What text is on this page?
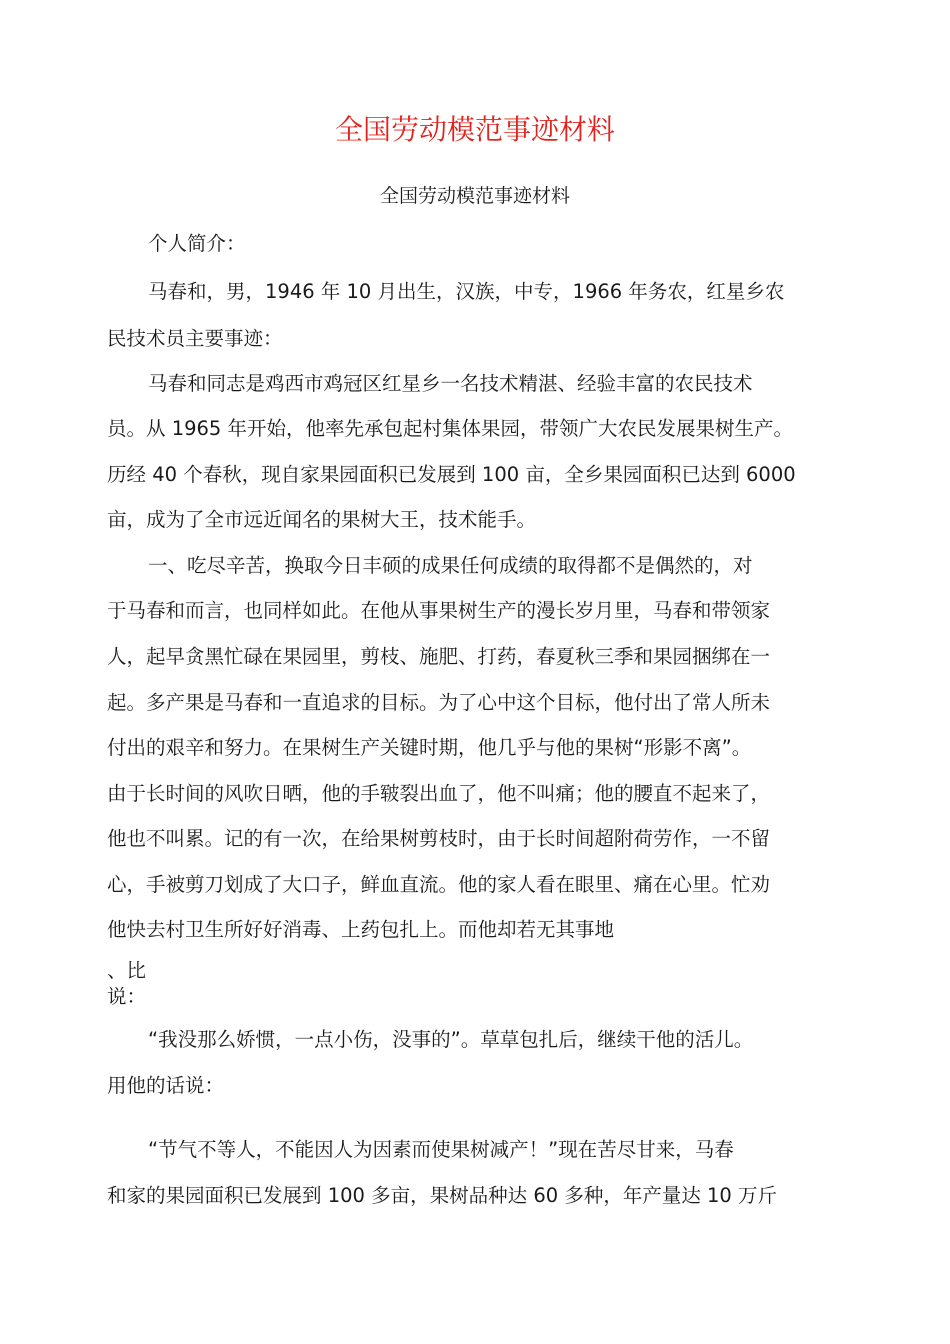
全国劳动模范事迹材料
全国劳动模范事迹材料
个人简介：
马春和，男，1946 年 10 月出生，汉族，中专，1966 年务农，红星乡农
民技术员主要事迹：
马春和同志是鸡西市鸡冠区红星乡一名技术精湛、经验丰富的农民技术
员。从 1965 年开始，他率先承包起村集体果园，带领广大农民发展果树生产。
历经 40 个春秋，现自家果园面积已发展到 100 亩，全乡果园面积已达到 6000
亩，成为了全市远近闻名的果树大王，技术能手。
一、吃尽辛苦，换取今日丰硕的成果任何成绩的取得都不是偶然的，对
于马春和而言，也同样如此。在他从事果树生产的漫长岁月里，马春和带领家
人，起早贪黑忙碌在果园里，剪枝、施肥、打药，春夏秋三季和果园捆绑在一
起。多产果是马春和一直追求的目标。为了心中这个目标，他付出了常人所未
付出的艰辛和努力。在果树生产关键时期，他几乎与他的果树“形影不离”。
由于长时间的风吹日晒，他的手皲裂出血了，他不叫痛；他的腰直不起来了，
他也不叫累。记的有一次，在给果树剪枝时，由于长时间超附荷劳作，一不留
心，手被剪刀划成了大口子，鲜血直流。他的家人看在眼里、痛在心里。忙劝
他快去村卫生所好好消毒、上药包扎上。而他却若无其事地
、比
说：
“我没那么娇惯，一点小伤，没事的”。草草包扎后，继续干他的活儿。
用他的话说：
“节气不等人，不能因人为因素而使果树减产！”现在苦尽甘来，马春
和家的果园面积已发展到 100 多亩，果树品种达 60 多种，年产量达 10 万斤
